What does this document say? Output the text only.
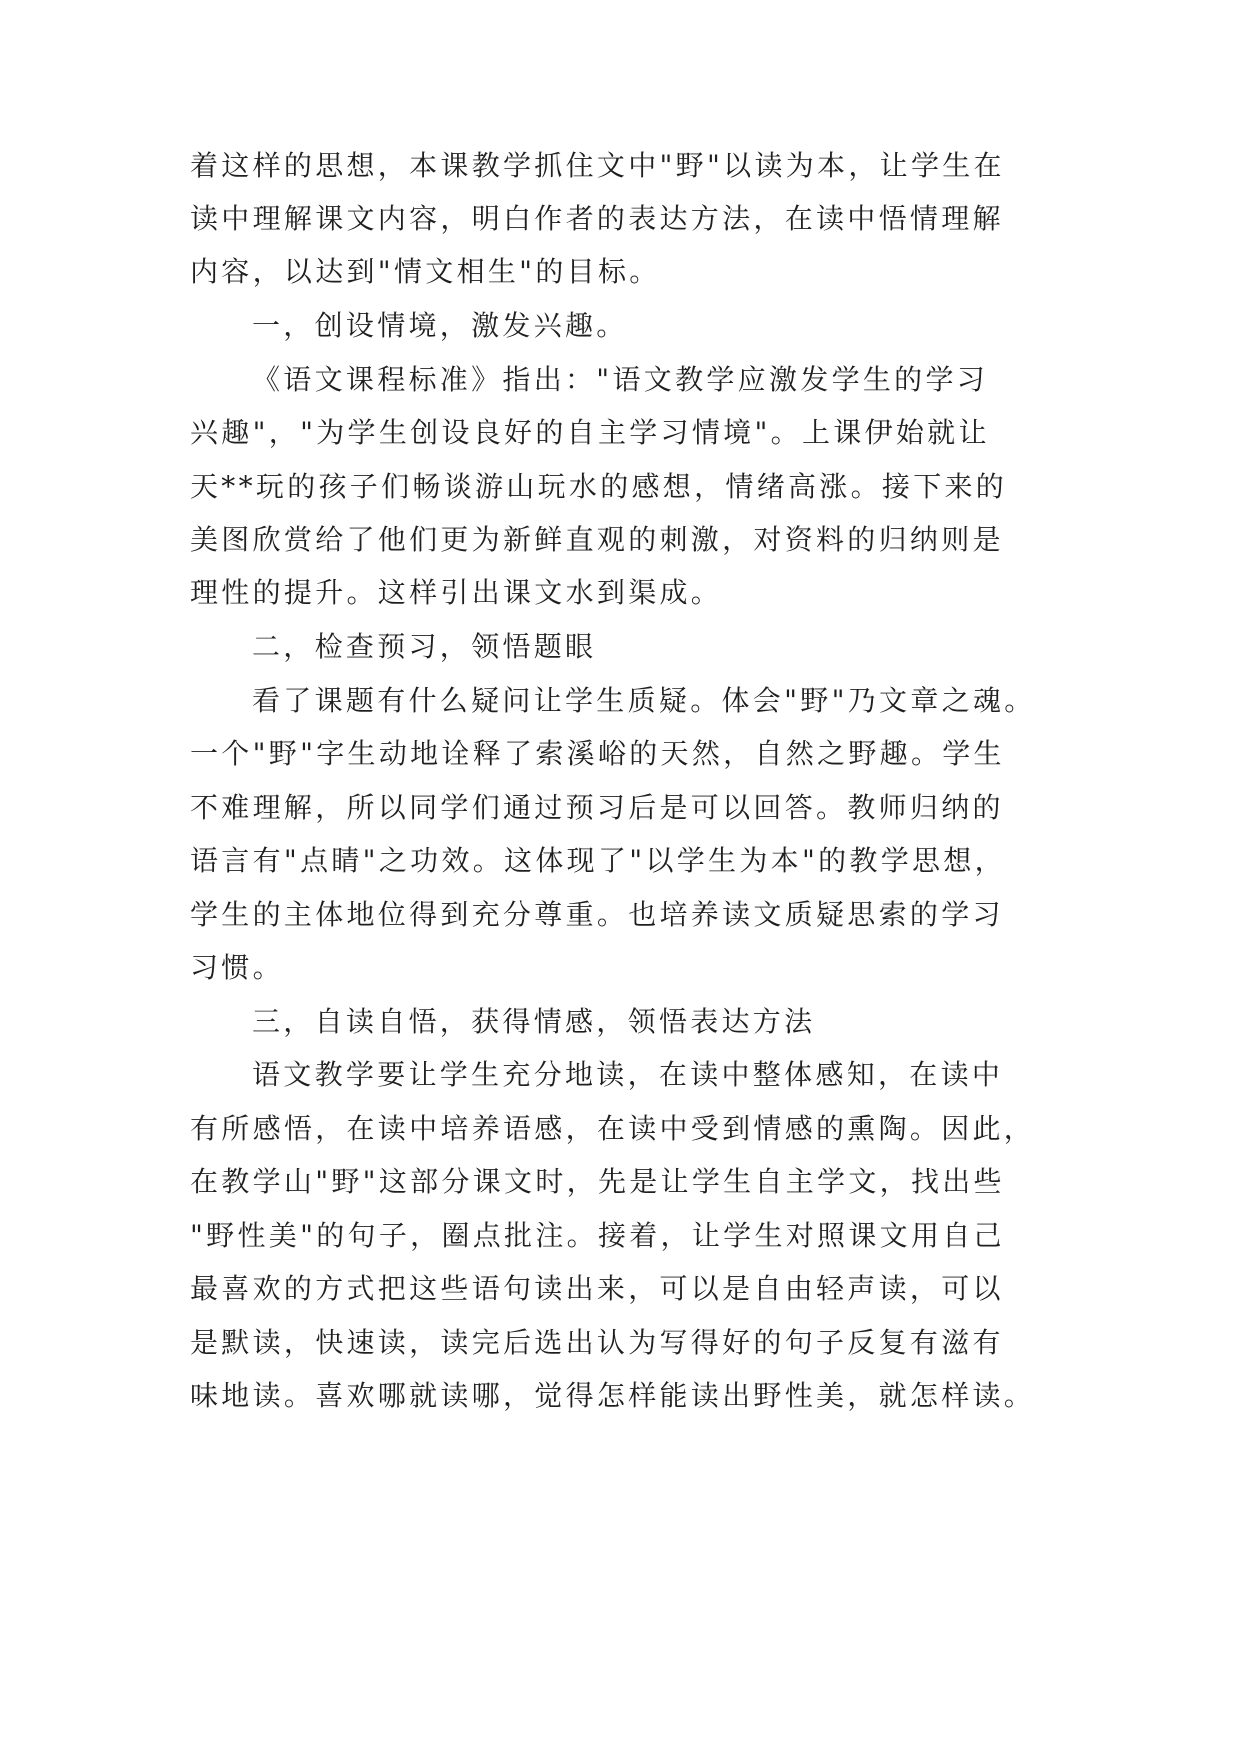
着这样的思想，本课教学抓住文中"野"以读为本，让学生在
读中理解课文内容，明白作者的表达方法，在读中悟情理解
内容，以达到"情文相生"的目标。
一，创设情境，激发兴趣。
《语文课程标准》指出："语文教学应激发学生的学习
兴趣"，"为学生创设良好的自主学习情境"。上课伊始就让
天**玩的孩子们畅谈游山玩水的感想，情绪高涨。接下来的
美图欣赏给了他们更为新鲜直观的刺激，对资料的归纳则是
理性的提升。这样引出课文水到渠成。
二，检查预习，领悟题眼
看了课题有什么疑问让学生质疑。体会"野"乃文章之魂。
一个"野"字生动地诠释了索溪峪的天然，自然之野趣。学生
不难理解，所以同学们通过预习后是可以回答。教师归纳的
语言有"点睛"之功效。这体现了"以学生为本"的教学思想，
学生的主体地位得到充分尊重。也培养读文质疑思索的学习
习惯。
三，自读自悟，获得情感，领悟表达方法
语文教学要让学生充分地读，在读中整体感知，在读中
有所感悟，在读中培养语感，在读中受到情感的熏陶。因此，
在教学山"野"这部分课文时，先是让学生自主学文，找出些
"野性美"的句子，圈点批注。接着，让学生对照课文用自己
最喜欢的方式把这些语句读出来，可以是自由轻声读，可以
是默读，快速读，读完后选出认为写得好的句子反复有滋有
味地读。喜欢哪就读哪，觉得怎样能读出野性美，就怎样读。
